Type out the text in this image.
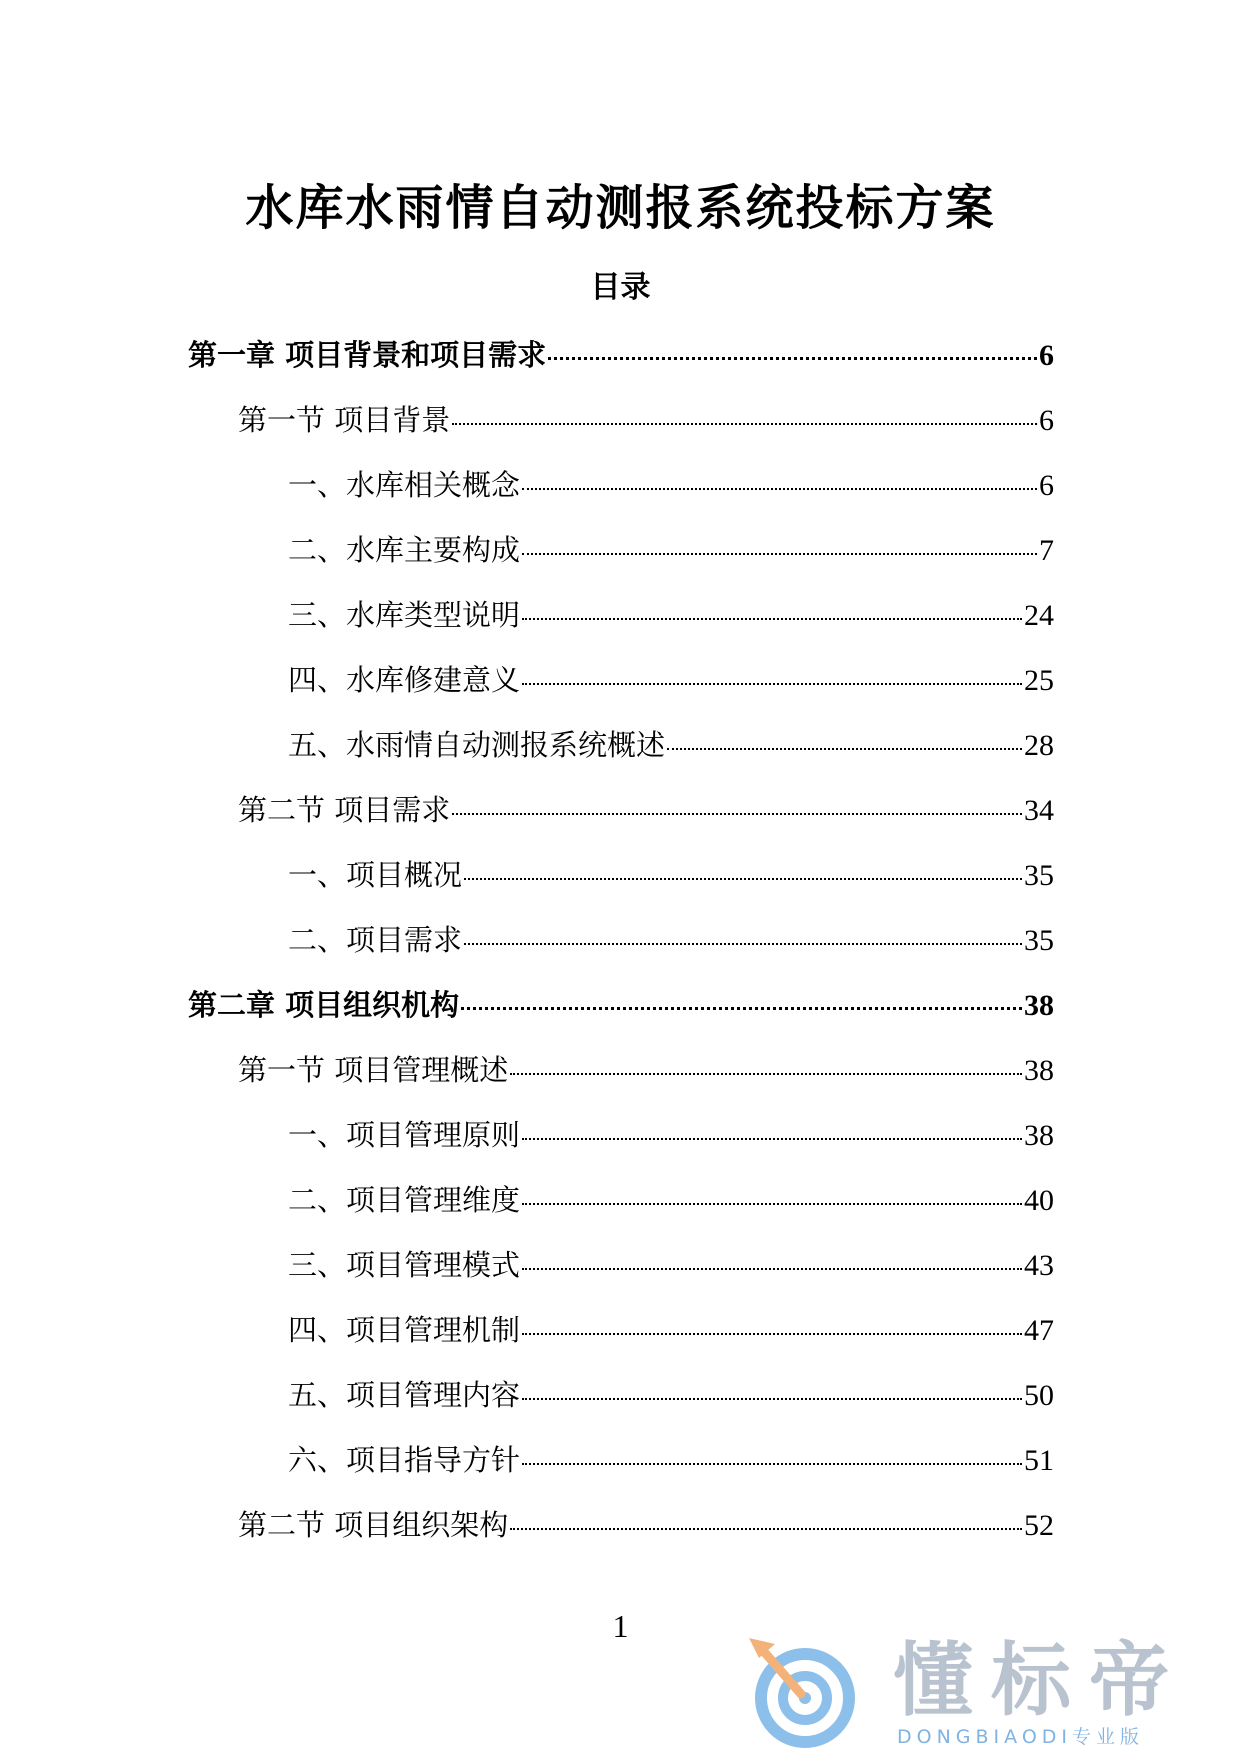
水库水雨情自动测报系统投标方案
目录
第一章 项目背景和项目需求	6
第一节 项目背景	6
一、水库相关概念	6
二、水库主要构成	7
三、水库类型说明	24
四、水库修建意义	25
五、水雨情自动测报系统概述	28
第二节 项目需求	34
一、项目概况	35
二、项目需求	35
第二章 项目组织机构	38
第一节 项目管理概述	38
一、项目管理原则	38
二、项目管理维度	40
三、项目管理模式	43
四、项目管理机制	47
五、项目管理内容	50
六、项目指导方针	51
第二节 项目组织架构	52
1
懂标帝
DONGBIAODI专业版
